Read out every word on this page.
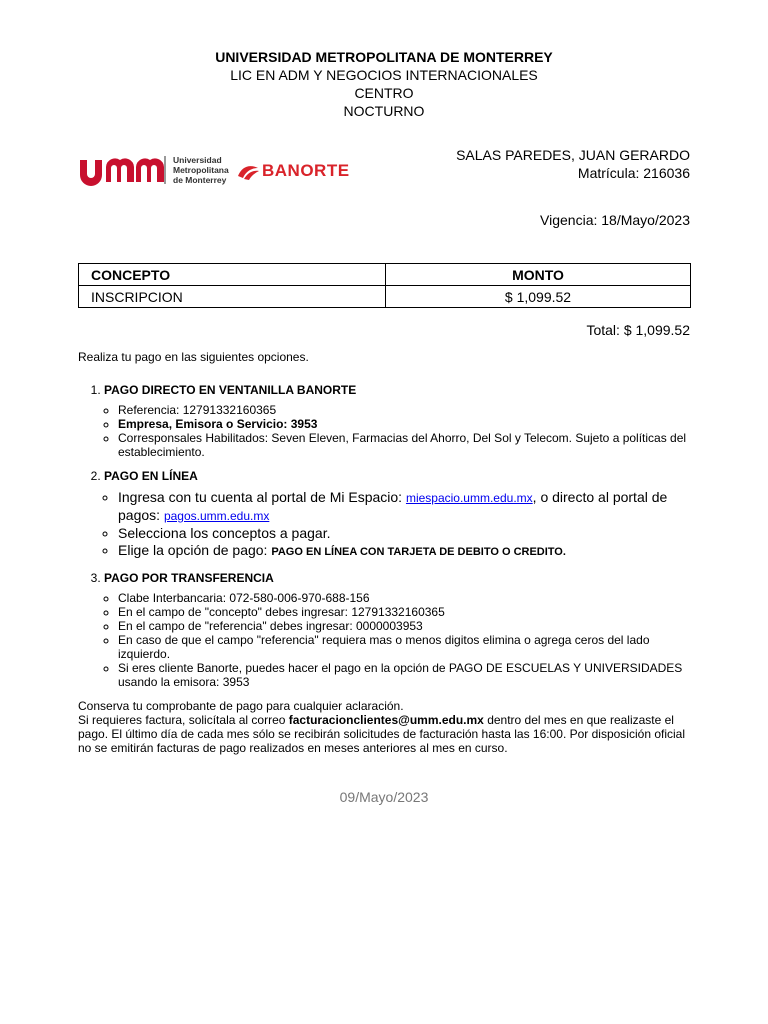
UNIVERSIDAD METROPOLITANA DE MONTERREY
LIC EN ADM Y NEGOCIOS INTERNACIONALES
CENTRO
NOCTURNO
Universidad
Metropolitana
de Monterrey BANORTE
SALAS PAREDES, JUAN GERARDO
Matrícula: 216036
Vigencia: 18/Mayo/2023
CONCEPTO	MONTO
INSCRIPCION	$ 1,099.52
Total: $ 1,099.52

Realiza tu pago en las siguientes opciones.

1. PAGO DIRECTO EN VENTANILLA BANORTE
◦ Referencia: 12791332160365
◦ Empresa, Emisora o Servicio: 3953
◦ Corresponsales Habilitados: Seven Eleven, Farmacias del Ahorro, Del Sol y Telecom. Sujeto a políticas del establecimiento.
2. PAGO EN LÍNEA
◦ Ingresa con tu cuenta al portal de Mi Espacio: miespacio.umm.edu.mx, o directo al portal de pagos: pagos.umm.edu.mx
◦ Selecciona los conceptos a pagar.
◦ Elige la opción de pago: PAGO EN LÍNEA CON TARJETA DE DEBITO O CREDITO.
3. PAGO POR TRANSFERENCIA
◦ Clabe Interbancaria: 072-580-006-970-688-156
◦ En el campo de "concepto" debes ingresar: 12791332160365
◦ En el campo de "referencia" debes ingresar: 0000003953
◦ En caso de que el campo "referencia" requiera mas o menos digitos elimina o agrega ceros del lado izquierdo.
◦ Si eres cliente Banorte, puedes hacer el pago en la opción de PAGO DE ESCUELAS Y UNIVERSIDADES usando la emisora: 3953

Conserva tu comprobante de pago para cualquier aclaración.

Si requieres factura, solicítala al correo facturacionclientes@umm.edu.mx dentro del mes en que realizaste el pago. El último día de cada mes sólo se recibirán solicitudes de facturación hasta las 16:00. Por disposición oficial no se emitirán facturas de pago realizados en meses anteriores al mes en curso.

09/Mayo/2023
